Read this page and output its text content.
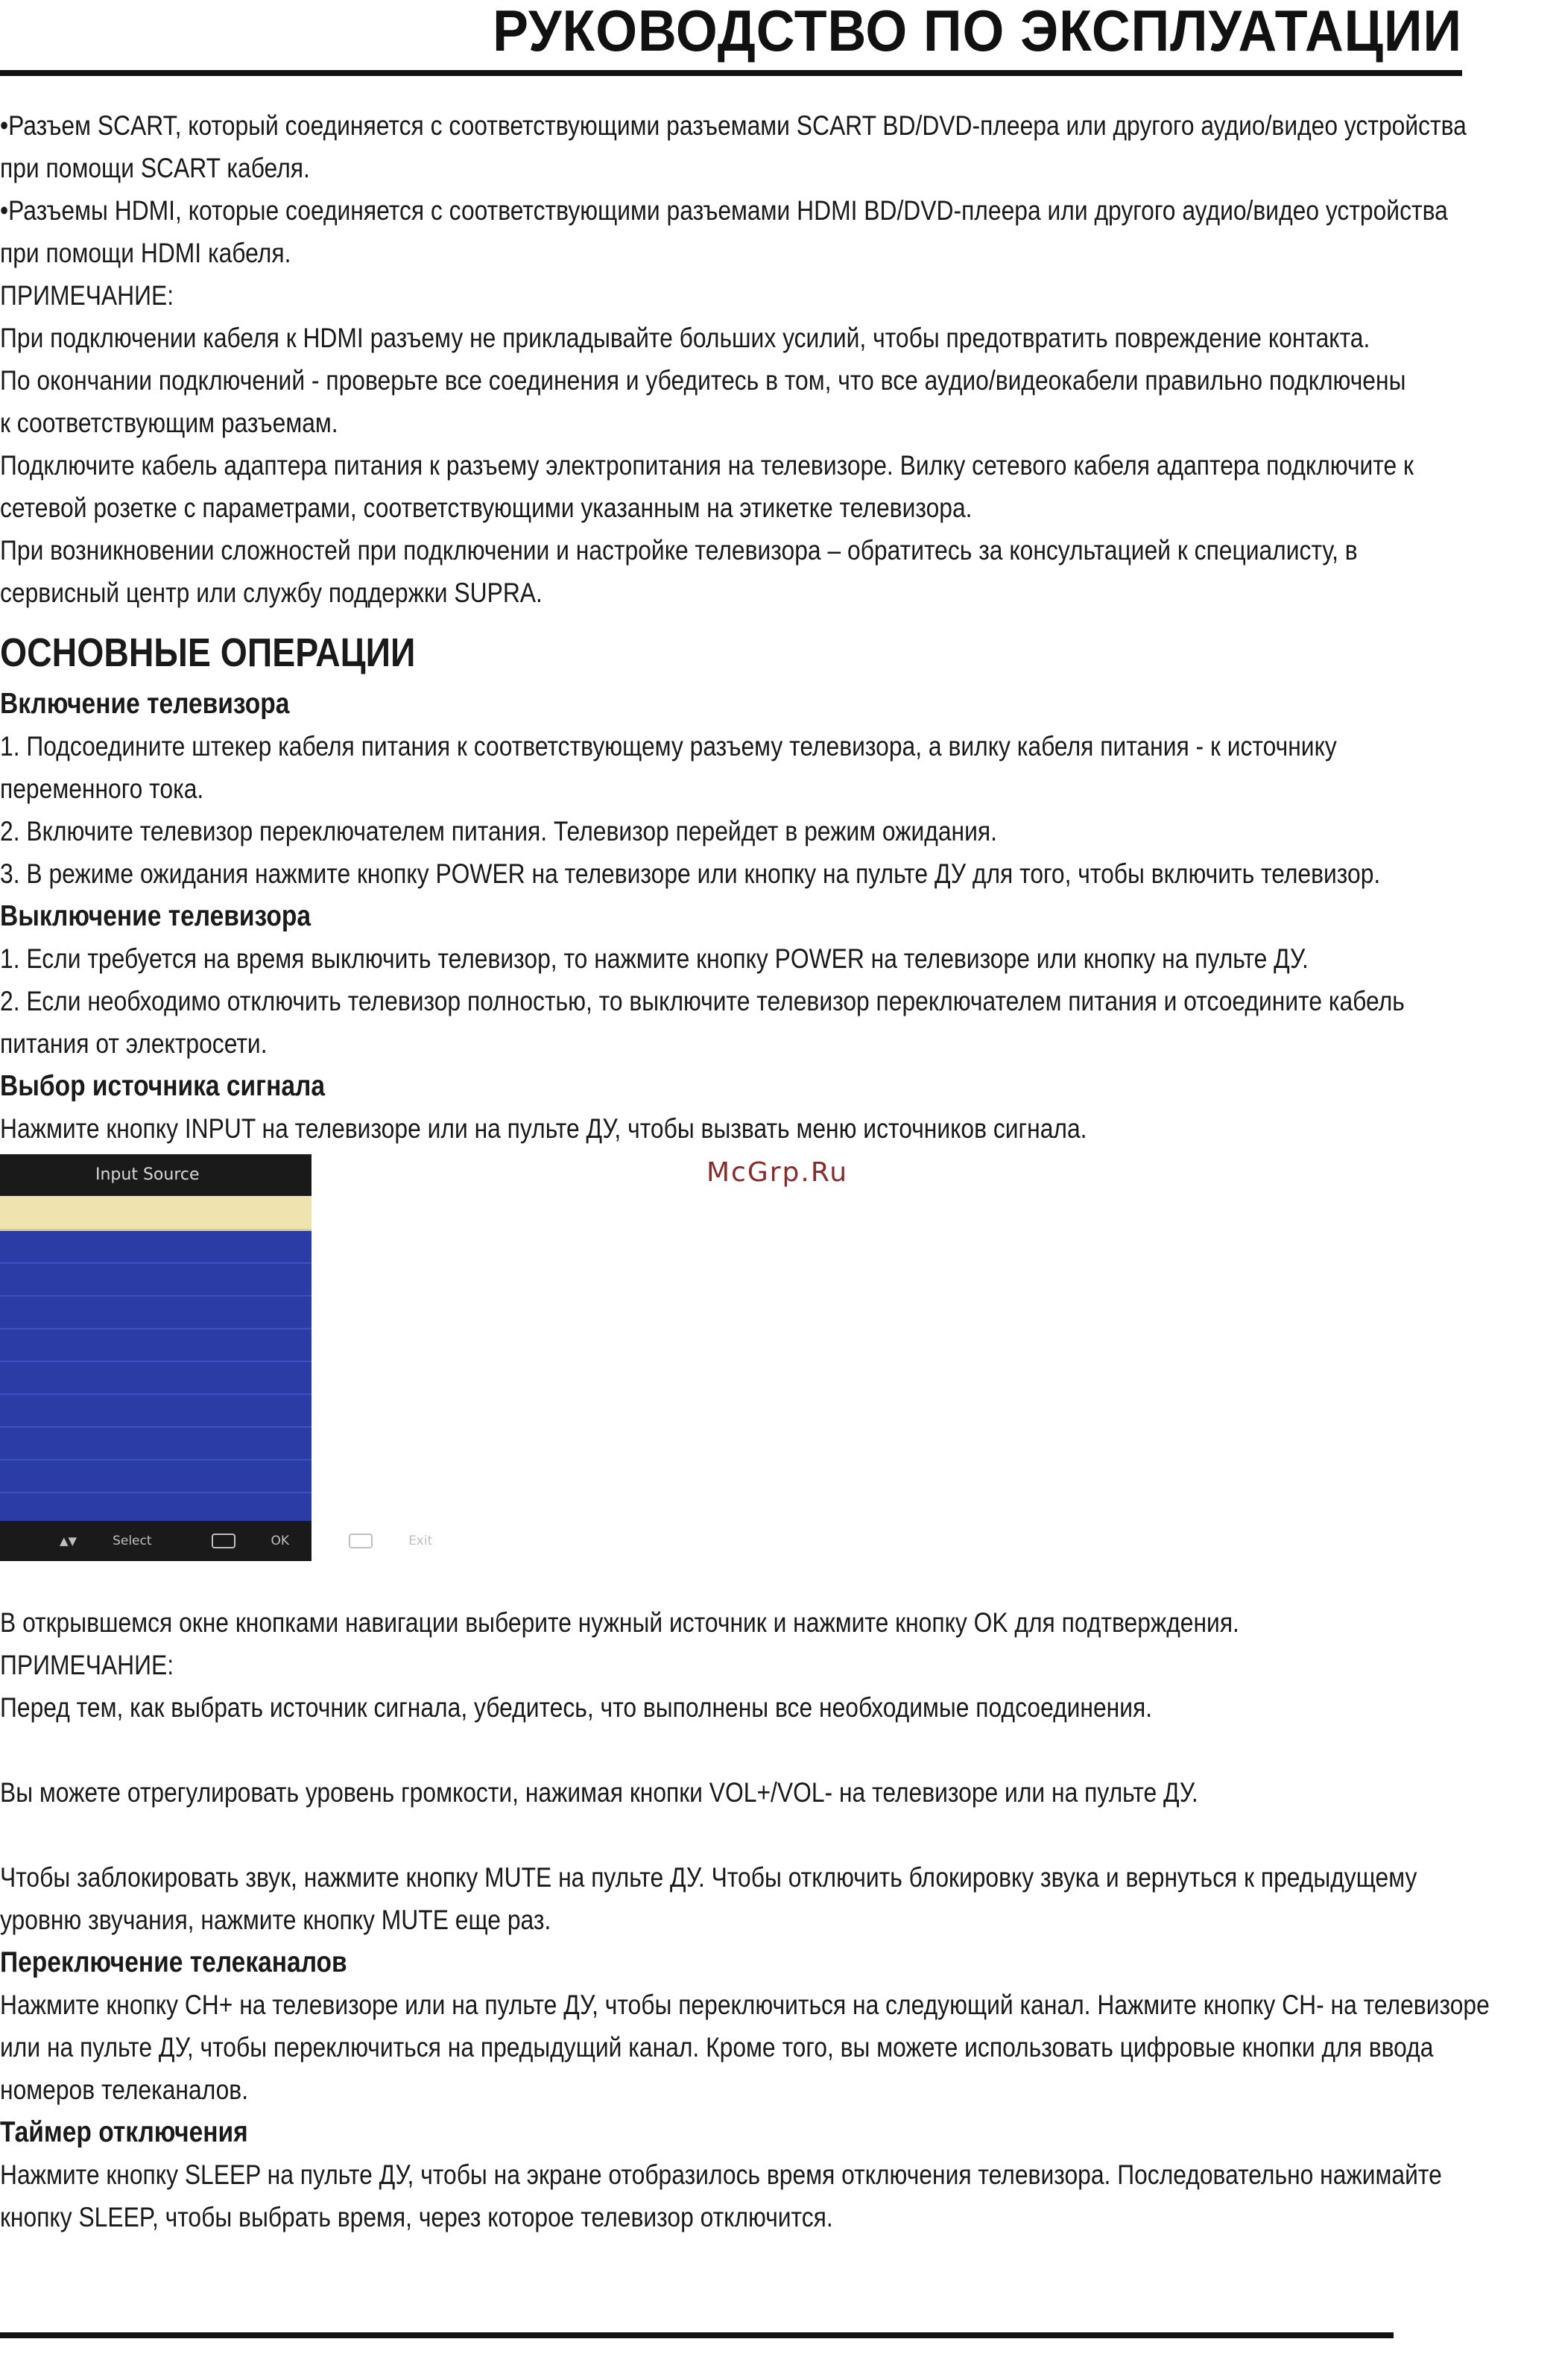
РУКОВОДСТВО ПО ЭКСПЛУАТАЦИИ

•Разъем SCART, который соединяется с соответствующими разъемами SCART BD/DVD-плеера или другого аудио/видео устройства

при помощи SCART кабеля.

•Разъемы HDMI, которые соединяется с соответствующими разъемами HDMI BD/DVD-плеера или другого аудио/видео устройства

при помощи HDMI кабеля.

ПРИМЕЧАНИЕ:

При подключении кабеля к HDMI разъему не прикладывайте больших усилий, чтобы предотвратить повреждение контакта.

По окончании подключений - проверьте все соединения и убедитесь в том, что все аудио/видеокабели правильно подключены

к соответствующим разъемам.

Подключите кабель адаптера питания к разъему электропитания на телевизоре. Вилку сетевого кабеля адаптера подключите к

сетевой розетке с параметрами, соответствующими указанным на этикетке телевизора.

При возникновении сложностей при подключении и настройке телевизора – обратитесь за консультацией к специалисту, в

сервисный центр или службу поддержки SUPRA.

ОСНОВНЫЕ ОПЕРАЦИИ
Включение телевизора

1. Подсоедините штекер кабеля питания к соответствующему разъему телевизора, а вилку кабеля питания - к источнику

переменного тока.

2. Включите телевизор переключателем питания. Телевизор перейдет в режим ожидания.

3. В режиме ожидания нажмите кнопку POWER на телевизоре или кнопку на пульте ДУ для того, чтобы включить телевизор.

Выключение телевизора

1. Если требуется на время выключить телевизор, то нажмите кнопку POWER на телевизоре или кнопку на пульте ДУ.

2. Если необходимо отключить телевизор полностью, то выключите телевизор переключателем питания и отсоедините кабель

питания от электросети.

Выбор источника сигнала

Нажмите кнопку INPUT на телевизоре или на пульте ДУ, чтобы вызвать меню источников сигнала.

Input Source
▲▼	Select	OK	Exit
McGrp.Ru

В открывшемся окне кнопками навигации выберите нужный источник и нажмите кнопку OK для подтверждения.

ПРИМЕЧАНИЕ:

Перед тем, как выбрать источник сигнала, убедитесь, что выполнены все необходимые подсоединения.

Вы можете отрегулировать уровень громкости, нажимая кнопки VOL+/VOL- на телевизоре или на пульте ДУ.

Чтобы заблокировать звук, нажмите кнопку MUTE на пульте ДУ. Чтобы отключить блокировку звука и вернуться к предыдущему

уровню звучания, нажмите кнопку MUTE еще раз.

Переключение телеканалов

Нажмите кнопку CH+ на телевизоре или на пульте ДУ, чтобы переключиться на следующий канал. Нажмите кнопку CH- на телевизоре

или на пульте ДУ, чтобы переключиться на предыдущий канал. Кроме того, вы можете использовать цифровые кнопки для ввода

номеров телеканалов.

Таймер отключения

Нажмите кнопку SLEEP на пульте ДУ, чтобы на экране отобразилось время отключения телевизора. Последовательно нажимайте

кнопку SLEEP, чтобы выбрать время, через которое телевизор отключится.
